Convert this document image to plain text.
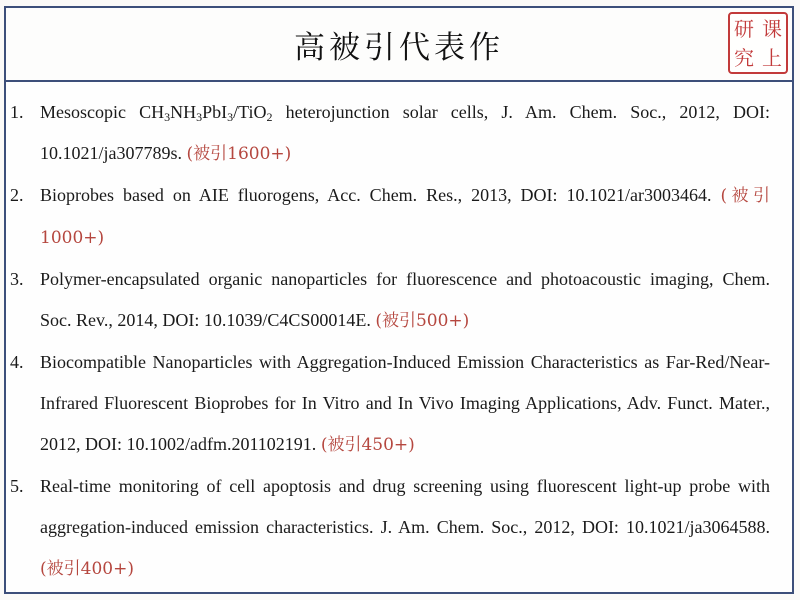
高被引代表作
研 课
究 上
1. Mesoscopic $CH_3NH_3PbI_3/TiO_2$ heterojunction solar cells, J. Am. Chem. Soc., 2012, DOI: 10.1021/ja307789s. (被引1600+)
2. Bioprobes based on AIE fluorogens, Acc. Chem. Res., 2013, DOI: 10.1021/ar3003464. (被引1000+)
3. Polymer-encapsulated organic nanoparticles for fluorescence and photoacoustic imaging, Chem. Soc. Rev., 2014, DOI: 10.1039/C4CS00014E. (被引500+)
4. Biocompatible Nanoparticles with Aggregation-Induced Emission Characteristics as Far-Red/Near-Infrared Fluorescent Bioprobes for In Vitro and In Vivo Imaging Applications, Adv. Funct. Mater., 2012, DOI: 10.1002/adfm.201102191. (被引450+)
5. Real-time monitoring of cell apoptosis and drug screening using fluorescent light-up probe with aggregation-induced emission characteristics. J. Am. Chem. Soc., 2012, DOI: 10.1021/ja3064588. (被引400+)
